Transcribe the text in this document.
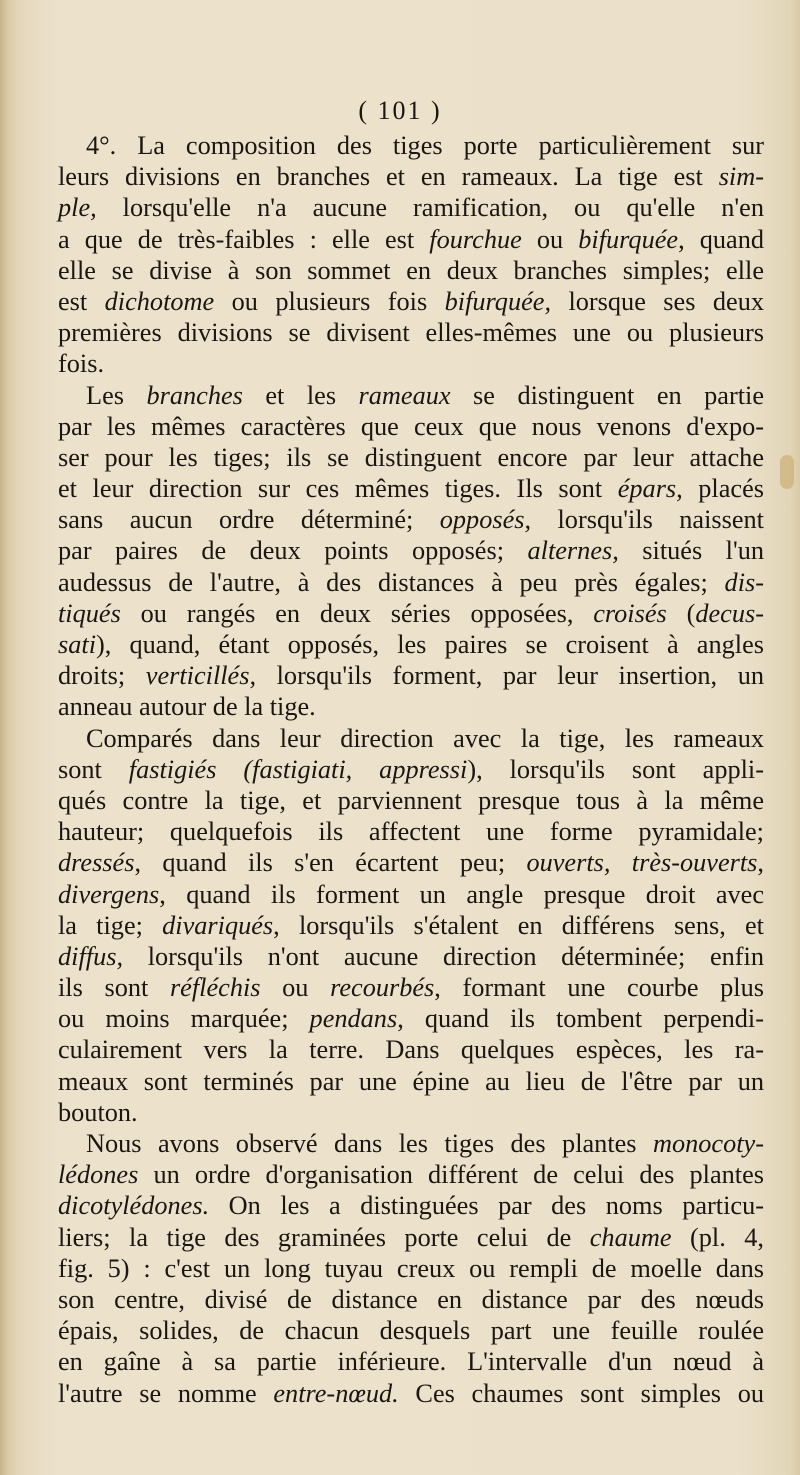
( 101 )
4°. La composition des tiges porte particulièrement sur
leurs divisions en branches et en rameaux. La tige est sim-
ple, lorsqu'elle n'a aucune ramification, ou qu'elle n'en
a que de très-faibles : elle est fourchue ou bifurquée, quand
elle se divise à son sommet en deux branches simples; elle
est dichotome ou plusieurs fois bifurquée, lorsque ses deux
premières divisions se divisent elles-mêmes une ou plusieurs
fois.
Les branches et les rameaux se distinguent en partie
par les mêmes caractères que ceux que nous venons d'expo-
ser pour les tiges; ils se distinguent encore par leur attache
et leur direction sur ces mêmes tiges. Ils sont épars, placés
sans aucun ordre déterminé; opposés, lorsqu'ils naissent
par paires de deux points opposés; alternes, situés l'un
audessus de l'autre, à des distances à peu près égales; dis-
tiqués ou rangés en deux séries opposées, croisés (decus-
sati), quand, étant opposés, les paires se croisent à angles
droits; verticillés, lorsqu'ils forment, par leur insertion, un
anneau autour de la tige.
Comparés dans leur direction avec la tige, les rameaux
sont fastigiés (fastigiati, appressi), lorsqu'ils sont appli-
qués contre la tige, et parviennent presque tous à la même
hauteur; quelquefois ils affectent une forme pyramidale;
dressés, quand ils s'en écartent peu; ouverts, très-ouverts,
divergens, quand ils forment un angle presque droit avec
la tige; divariqués, lorsqu'ils s'étalent en différens sens, et
diffus, lorsqu'ils n'ont aucune direction déterminée; enfin
ils sont réfléchis ou recourbés, formant une courbe plus
ou moins marquée; pendans, quand ils tombent perpendi-
culairement vers la terre. Dans quelques espèces, les ra-
meaux sont terminés par une épine au lieu de l'être par un
bouton.
Nous avons observé dans les tiges des plantes monocoty-
lédones un ordre d'organisation différent de celui des plantes
dicotylédones. On les a distinguées par des noms particu-
liers; la tige des graminées porte celui de chaume (pl. 4,
fig. 5) : c'est un long tuyau creux ou rempli de moelle dans
son centre, divisé de distance en distance par des nœuds
épais, solides, de chacun desquels part une feuille roulée
en gaîne à sa partie inférieure. L'intervalle d'un nœud à
l'autre se nomme entre-nœud. Ces chaumes sont simples ou
